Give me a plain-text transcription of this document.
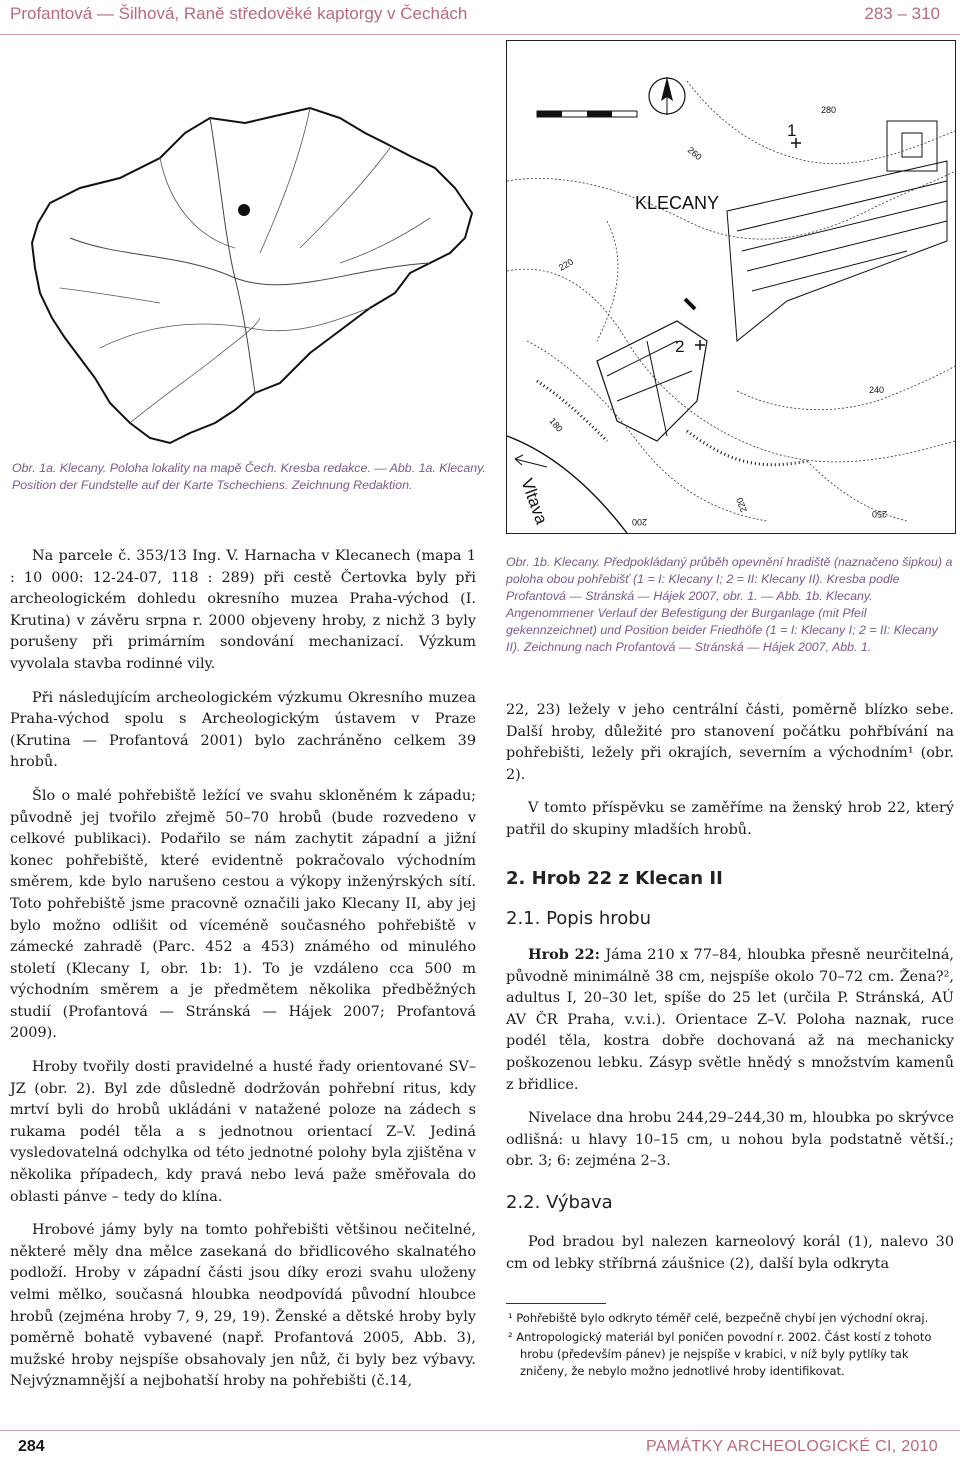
Profantová — Šilhová, Raně středověké kaptorgy v Čechách	283 – 310
Obr. 1a. Klecany. Poloha lokality na mapě Čech. Kresba redakce. — Abb. 1a. Klecany. Position der Fundstelle auf der Karte Tschechiens. Zeichnung Redaktion.
KLECANY
1
2
280
260
220
240
180
200
220
250
Vltava
Obr. 1b. Klecany. Předpokládaný průběh opevnění hradiště (naznačeno šipkou) a poloha obou pohřebišť (1 = I: Klecany I; 2 = II: Klecany II). Kresba podle Profantová — Stránská — Hájek 2007, obr. 1. — Abb. 1b. Klecany. Angenommener Verlauf der Befestigung der Burganlage (mit Pfeil gekennzeichnet) und Position beider Friedhöfe (1 = I: Klecany I; 2 = II: Klecany II). Zeichnung nach Profantová — Stránská — Hájek 2007, Abb. 1.

Na parcele č. 353/13 Ing. V. Harnacha v Klecanech (mapa 1 : 10 000: 12-24-07, 118 : 289) při cestě Čertovka byly při archeologickém dohledu okresního muzea Praha-východ (I. Krutina) v závěru srpna r. 2000 objeveny hroby, z nichž 3 byly porušeny při primárním sondování mechanizací. Výzkum vyvolala stavba rodinné vily.

Při následujícím archeologickém výzkumu Okresního muzea Praha-východ spolu s Archeologickým ústavem v Praze (Krutina — Profantová 2001) bylo zachráněno celkem 39 hrobů.

Šlo o malé pohřebiště ležící ve svahu skloněném k západu; původně jej tvořilo zřejmě 50–70 hrobů (bude rozvedeno v celkové publikaci). Podařilo se nám zachytit západní a jižní konec pohřebiště, které evidentně pokračovalo východním směrem, kde bylo narušeno cestou a výkopy inženýrských sítí. Toto pohřebiště jsme pracovně označili jako Klecany II, aby jej bylo možno odlišit od víceméně současného pohřebiště v zámecké zahradě (Parc. 452 a 453) známého od minulého století (Klecany I, obr. 1b: 1). To je vzdáleno cca 500 m východním směrem a je předmětem několika předběžných studií (Profantová — Stránská — Hájek 2007; Profantová 2009).

Hroby tvořily dosti pravidelné a husté řady orientované SV–JZ (obr. 2). Byl zde důsledně dodržován pohřební ritus, kdy mrtví byli do hrobů ukládáni v natažené poloze na zádech s rukama podél těla a s jednotnou orientací Z–V. Jediná vysledovatelná odchylka od této jednotné polohy byla zjištěna v několika případech, kdy pravá nebo levá paže směřovala do oblasti pánve – tedy do klína.

Hrobové jámy byly na tomto pohřebišti většinou nečitelné, některé měly dna mělce zasekaná do břidlicového skalnatého podloží. Hroby v západní části jsou díky erozi svahu uloženy velmi mělko, současná hloubka neodpovídá původní hloubce hrobů (zejména hroby 7, 9, 29, 19). Ženské a dětské hroby byly poměrně bohatě vybavené (např. Profantová 2005, Abb. 3), mužské hroby nejspíše obsahovaly jen nůž, či byly bez výbavy. Nejvýznamnější a nejbohatší hroby na pohřebišti (č.14,

22, 23) ležely v jeho centrální části, poměrně blízko sebe. Další hroby, důležité pro stanovení počátku pohřbívání na pohřebišti, ležely při okrajích, severním a východním¹ (obr. 2).

V tomto příspěvku se zaměříme na ženský hrob 22, který patřil do skupiny mladších hrobů.

2. Hrob 22 z Klecan II
2.1. Popis hrobu

Hrob 22: Jáma 210 x 77–84, hloubka přesně neurčitelná, původně minimálně 38 cm, nejspíše okolo 70–72 cm. Žena?², adultus I, 20–30 let, spíše do 25 let (určila P. Stránská, AÚ AV ČR Praha, v.v.i.). Orientace Z–V. Poloha naznak, ruce podél těla, kostra dobře dochovaná až na mechanicky poškozenou lebku. Zásyp světle hnědý s množstvím kamenů z břidlice.

Nivelace dna hrobu 244,29–244,30 m, hloubka po skrývce odlišná: u hlavy 10–15 cm, u nohou byla podstatně větší.; obr. 3; 6: zejména 2–3.

2.2. Výbava

Pod bradou byl nalezen karneolový korál (1), nalevo 30 cm od lebky stříbrná záušnice (2), další byla odkryta

¹ Pohřebiště bylo odkryto téměř celé, bezpečně chybí jen východní okraj.
² Antropologický materiál byl poničen povodní r. 2002. Část kostí z tohoto hrobu (především pánev) je nejspíše v krabici, v níž byly pytlíky tak zničeny, že nebylo možno jednotlivé hroby identifikovat.
284	PAMÁTKY ARCHEOLOGICKÉ CI, 2010
